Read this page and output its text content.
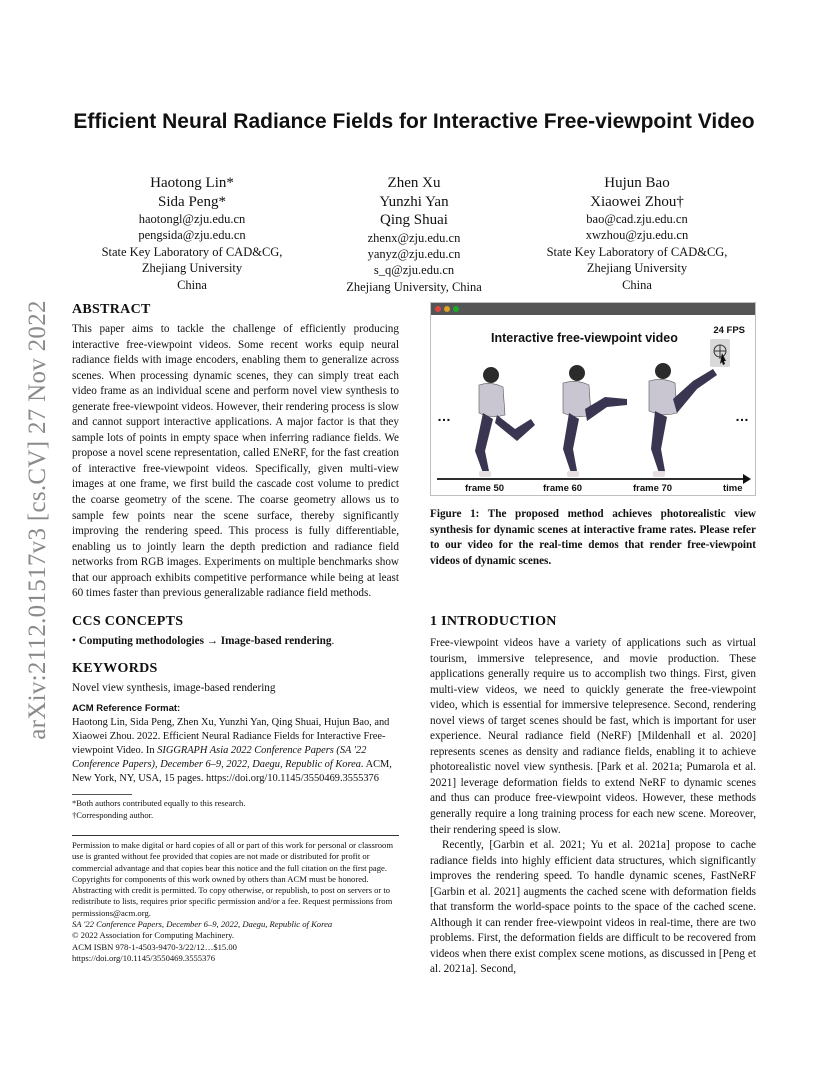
arXiv:2112.01517v3 [cs.CV] 27 Nov 2022
Efficient Neural Radiance Fields for Interactive Free-viewpoint Video
Haotong Lin*
Sida Peng*
haotongl@zju.edu.cn
pengsida@zju.edu.cn
State Key Laboratory of CAD&CG,
Zhejiang University
China
Zhen Xu
Yunzhi Yan
Qing Shuai
zhenx@zju.edu.cn
yanyz@zju.edu.cn
s_q@zju.edu.cn
Zhejiang University, China
Hujun Bao
Xiaowei Zhou†
bao@cad.zju.edu.cn
xwzhou@zju.edu.cn
State Key Laboratory of CAD&CG,
Zhejiang University
China
ABSTRACT

This paper aims to tackle the challenge of efficiently producing interactive free-viewpoint videos. Some recent works equip neural radiance fields with image encoders, enabling them to generalize across scenes. When processing dynamic scenes, they can simply treat each video frame as an individual scene and perform novel view synthesis to generate free-viewpoint videos. However, their rendering process is slow and cannot support interactive applications. A major factor is that they sample lots of points in empty space when inferring radiance fields. We propose a novel scene representation, called ENeRF, for the fast creation of interactive free-viewpoint videos. Specifically, given multi-view images at one frame, we first build the cascade cost volume to predict the coarse geometry of the scene. The coarse geometry allows us to sample few points near the scene surface, thereby significantly improving the rendering speed. This process is fully differentiable, enabling us to jointly learn the depth prediction and radiance field networks from RGB images. Experiments on multiple benchmarks show that our approach exhibits competitive performance while being at least 60 times faster than previous generalizable radiance field methods.

CCS CONCEPTS

• Computing methodologies → Image-based rendering.

KEYWORDS

Novel view synthesis, image-based rendering

ACM Reference Format:

Haotong Lin, Sida Peng, Zhen Xu, Yunzhi Yan, Qing Shuai, Hujun Bao, and Xiaowei Zhou. 2022. Efficient Neural Radiance Fields for Interactive Free-viewpoint Video. In SIGGRAPH Asia 2022 Conference Papers (SA '22 Conference Papers), December 6–9, 2022, Daegu, Republic of Korea. ACM, New York, NY, USA, 15 pages. https://doi.org/10.1145/3550469.3555376

*Both authors contributed equally to this research.

†Corresponding author.

Permission to make digital or hard copies of all or part of this work for personal or classroom use is granted without fee provided that copies are not made or distributed for profit or commercial advantage and that copies bear this notice and the full citation on the first page. Copyrights for components of this work owned by others than ACM must be honored. Abstracting with credit is permitted. To copy otherwise, or republish, to post on servers or to redistribute to lists, requires prior specific permission and/or a fee. Request permissions from permissions@acm.org.

SA '22 Conference Papers, December 6–9, 2022, Daegu, Republic of Korea

© 2022 Association for Computing Machinery.

ACM ISBN 978-1-4503-9470-3/22/12…$15.00

https://doi.org/10.1145/3550469.3555376

Interactive free-viewpoint video
24 FPS
…	…
frame 50	frame 60	frame 70	time

Figure 1: The proposed method achieves photorealistic view synthesis for dynamic scenes at interactive frame rates. Please refer to our video for the real-time demos that render free-viewpoint videos of dynamic scenes.

1 INTRODUCTION

Free-viewpoint videos have a variety of applications such as virtual tourism, immersive telepresence, and movie production. These applications generally require us to accomplish two things. First, given multi-view videos, we need to quickly generate the free-viewpoint video, which is essential for immersive telepresence. Second, rendering novel views of target scenes should be fast, which is important for user experience. Neural radiance field (NeRF) [Mildenhall et al. 2020] represents scenes as density and radiance fields, enabling it to achieve photorealistic novel view synthesis. [Park et al. 2021a; Pumarola et al. 2021] leverage deformation fields to extend NeRF to dynamic scenes and thus can produce free-viewpoint videos. However, these methods generally require a long training process for each new scene. Moreover, their rendering speed is slow.

Recently, [Garbin et al. 2021; Yu et al. 2021a] propose to cache radiance fields into highly efficient data structures, which significantly improves the rendering speed. To handle dynamic scenes, FastNeRF [Garbin et al. 2021] augments the cached scene with deformation fields that transform the world-space points to the space of the cached scene. Although it can render free-viewpoint videos in real-time, there are two problems. First, the deformation fields are difficult to be recovered from videos when there exist complex scene motions, as discussed in [Peng et al. 2021a]. Second,
